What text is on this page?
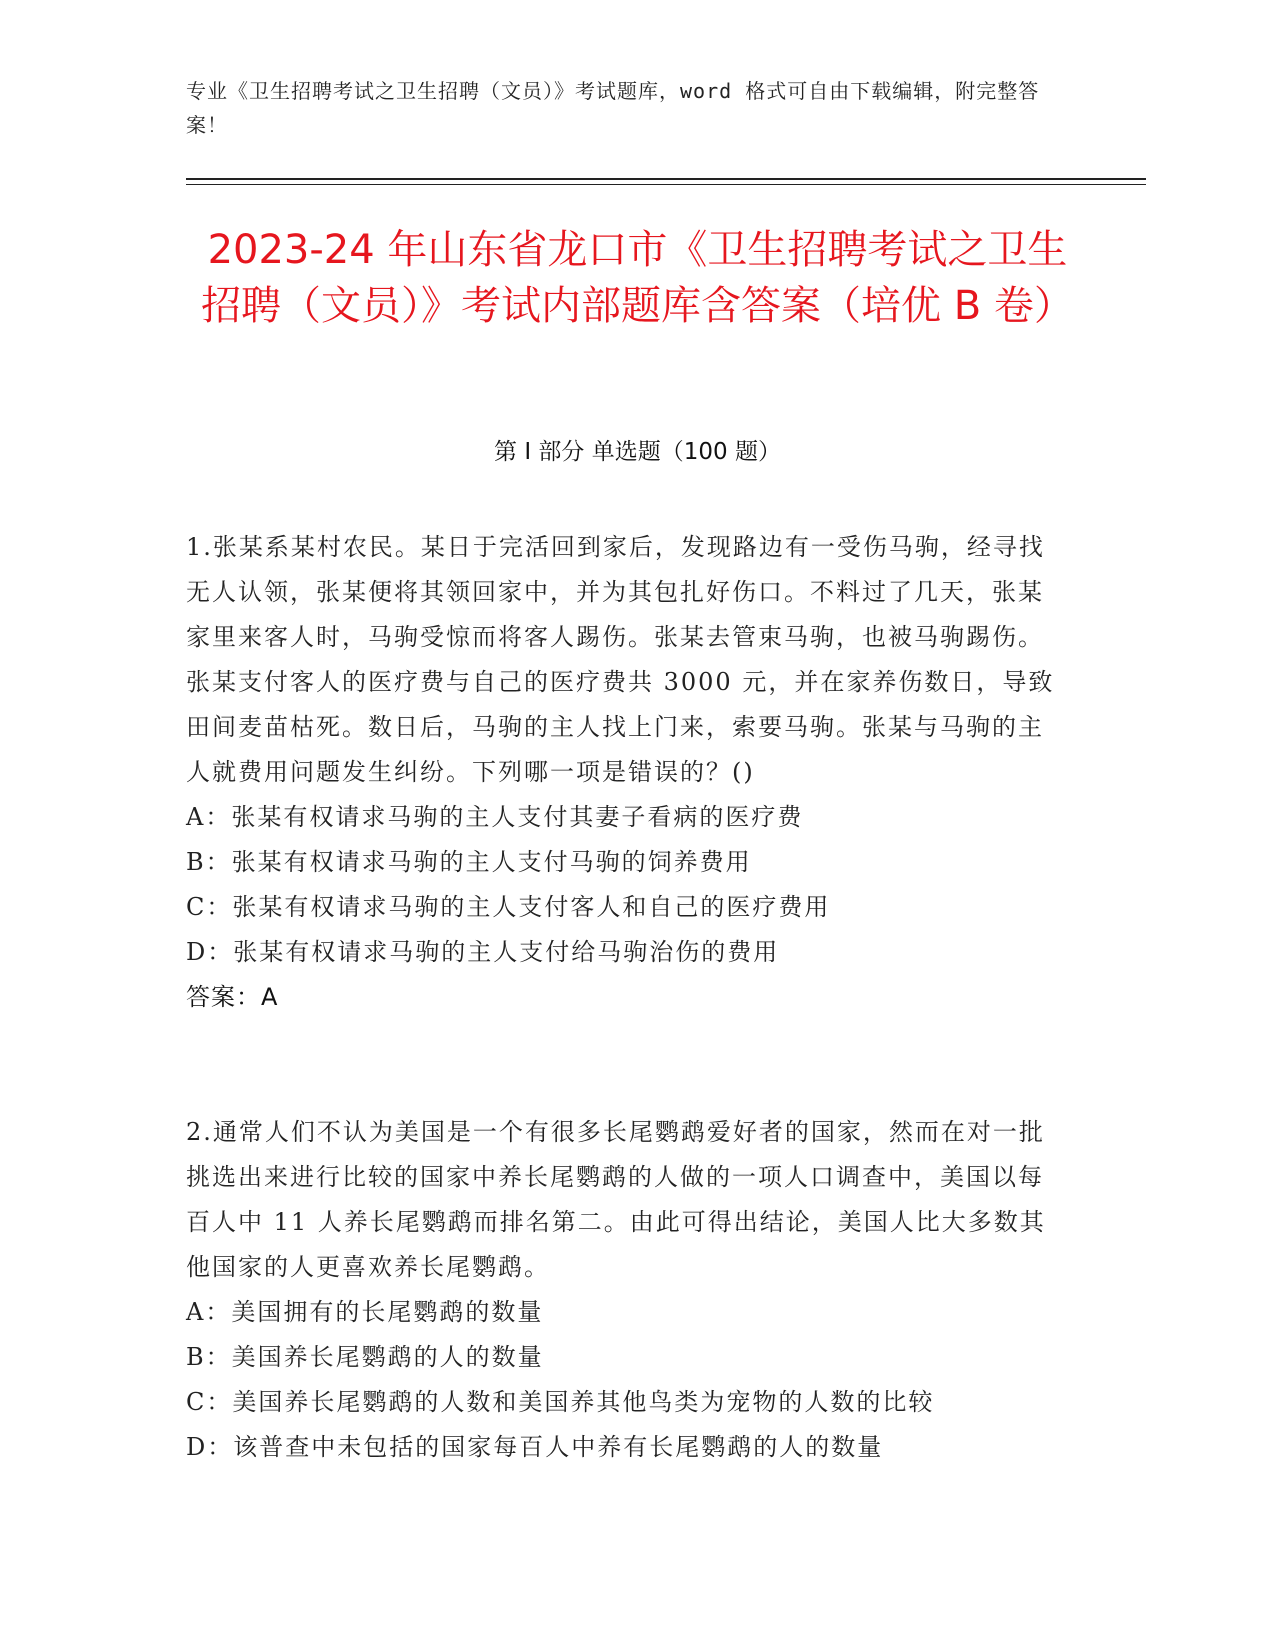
专业《卫生招聘考试之卫生招聘（文员）》考试题库，word 格式可自由下载编辑，附完整答案！
2023-24 年山东省龙口市《卫生招聘考试之卫生招聘（文员）》考试内部题库含答案（培优 B 卷）
第 I 部分 单选题（100 题）

1.张某系某村农民。某日于完活回到家后，发现路边有一受伤马驹，经寻找无人认领，张某便将其领回家中，并为其包扎好伤口。不料过了几天，张某家里来客人时，马驹受惊而将客人踢伤。张某去管束马驹，也被马驹踢伤。张某支付客人的医疗费与自己的医疗费共 3000 元，并在家养伤数日，导致田间麦苗枯死。数日后，马驹的主人找上门来，索要马驹。张某与马驹的主人就费用问题发生纠纷。下列哪一项是错误的？()

A：张某有权请求马驹的主人支付其妻子看病的医疗费

B：张某有权请求马驹的主人支付马驹的饲养费用

C：张某有权请求马驹的主人支付客人和自己的医疗费用

D：张某有权请求马驹的主人支付给马驹治伤的费用

答案：A

2.通常人们不认为美国是一个有很多长尾鹦鹉爱好者的国家，然而在对一批挑选出来进行比较的国家中养长尾鹦鹉的人做的一项人口调查中，美国以每百人中 11 人养长尾鹦鹉而排名第二。由此可得出结论，美国人比大多数其他国家的人更喜欢养长尾鹦鹉。

A：美国拥有的长尾鹦鹉的数量

B：美国养长尾鹦鹉的人的数量

C：美国养长尾鹦鹉的人数和美国养其他鸟类为宠物的人数的比较

D：该普查中未包括的国家每百人中养有长尾鹦鹉的人的数量
